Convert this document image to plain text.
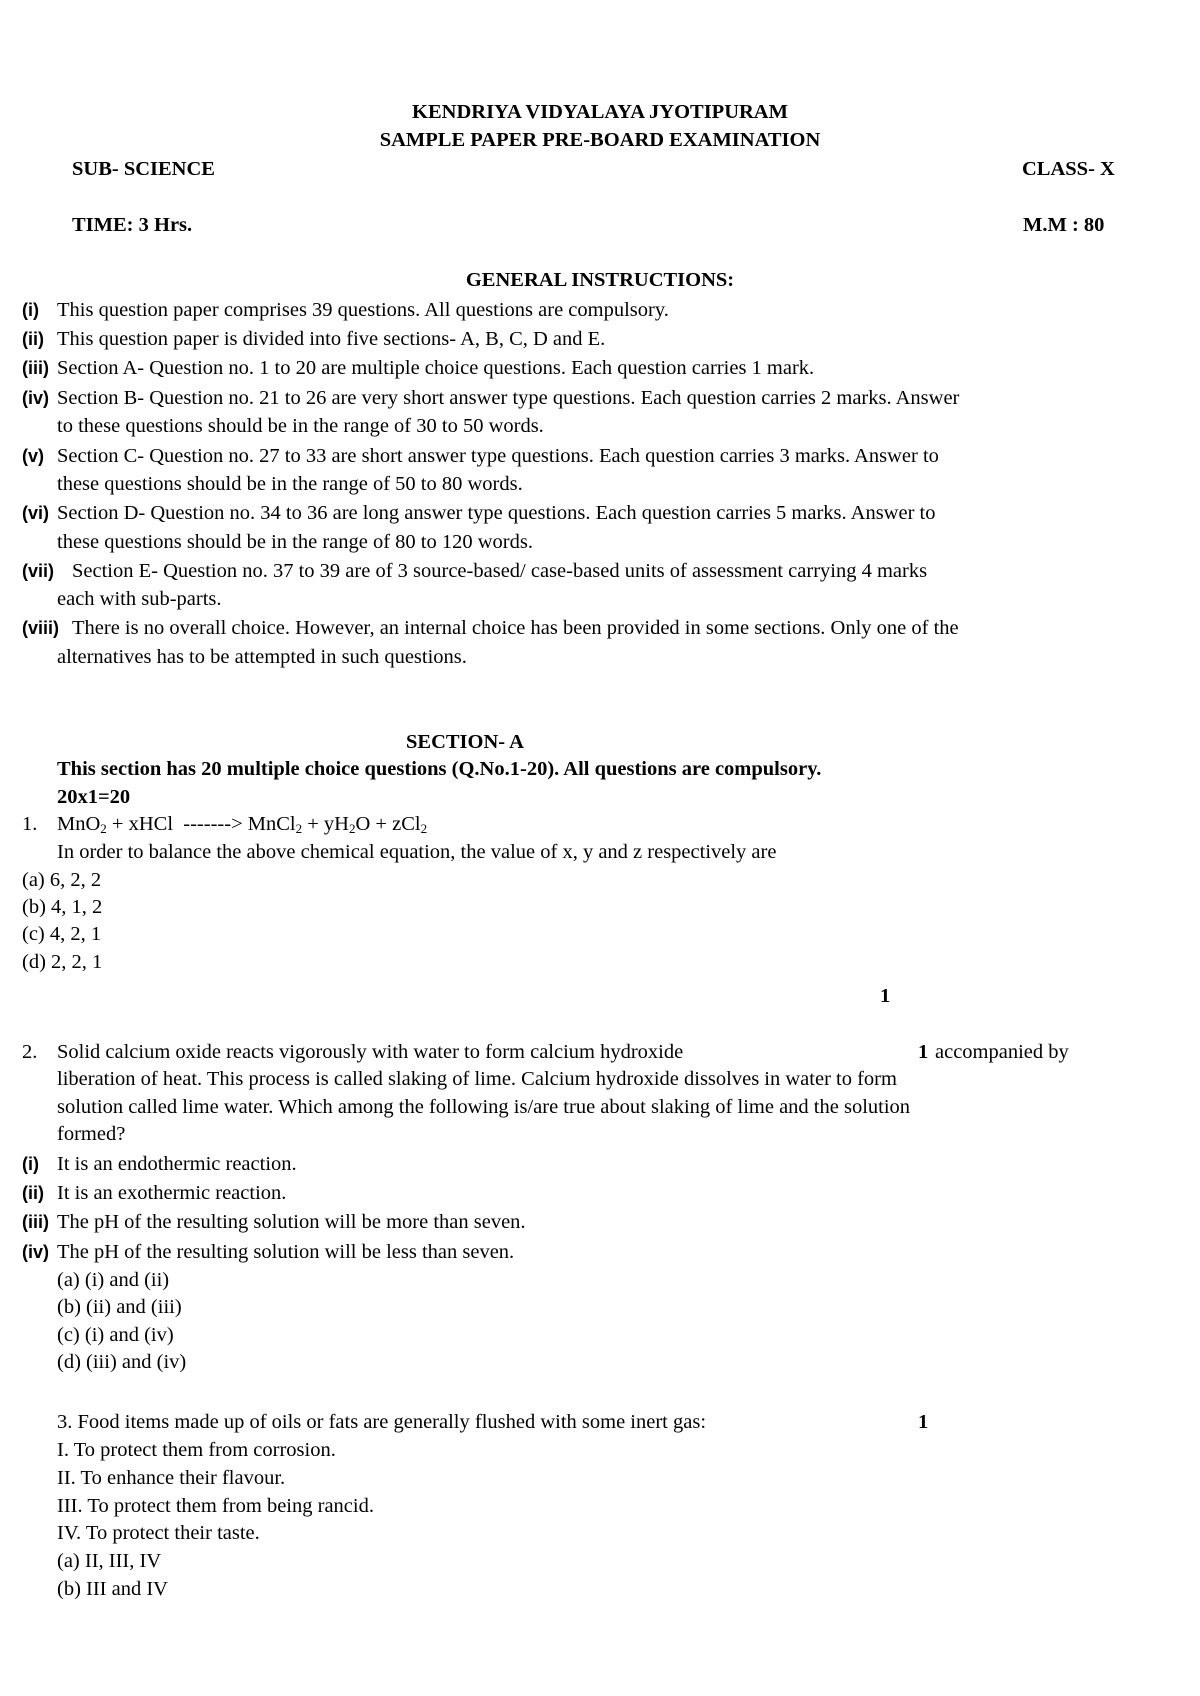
KENDRIYA VIDYALAYA JYOTIPURAM
SAMPLE PAPER PRE-BOARD EXAMINATION
SUB- SCIENCE	CLASS- X
TIME: 3 Hrs.	M.M : 80
GENERAL INSTRUCTIONS:
(i) This question paper comprises 39 questions. All questions are compulsory.
(ii) This question paper is divided into five sections- A, B, C, D and E.
(iii) Section A- Question no. 1 to 20 are multiple choice questions. Each question carries 1 mark.
(iv) Section B- Question no. 21 to 26 are very short answer type questions. Each question carries 2 marks. Answer
to these questions should be in the range of 30 to 50 words.
(v) Section C- Question no. 27 to 33 are short answer type questions. Each question carries 3 marks. Answer to
these questions should be in the range of 50 to 80 words.
(vi) Section D- Question no. 34 to 36 are long answer type questions. Each question carries 5 marks. Answer to
these questions should be in the range of 80 to 120 words.
(vii) Section E- Question no. 37 to 39 are of 3 source-based/ case-based units of assessment carrying 4 marks
each with sub-parts.
(viii) There is no overall choice. However, an internal choice has been provided in some sections. Only one of the
alternatives has to be attempted in such questions.
SECTION- A
This section has 20 multiple choice questions (Q.No.1-20). All questions are compulsory.
20x1=20
1. MnO$_2$ + xHCl  -------> MnCl$_2$ + $yH_2O + zCl_2$
In order to balance the above chemical equation, the value of x, y and z respectively are
(a) 6, 2, 2
(b) 4, 1, 2
(c) 4, 2, 1
(d) 2, 2, 1
1
2. Solid calcium oxide reacts vigorously with water to form calcium hydroxide	1 accompanied by
liberation of heat. This process is called slaking of lime. Calcium hydroxide dissolves in water to form
solution called lime water. Which among the following is/are true about slaking of lime and the solution
formed?
(i) It is an endothermic reaction.
(ii) It is an exothermic reaction.
(iii) The pH of the resulting solution will be more than seven.
(iv) The pH of the resulting solution will be less than seven.
(a) (i) and (ii)
(b) (ii) and (iii)
(c) (i) and (iv)
(d) (iii) and (iv)
3. Food items made up of oils or fats are generally flushed with some inert gas:	1
I. To protect them from corrosion.
II. To enhance their flavour.
III. To protect them from being rancid.
IV. To protect their taste.
(a) II, III, IV
(b) III and IV
